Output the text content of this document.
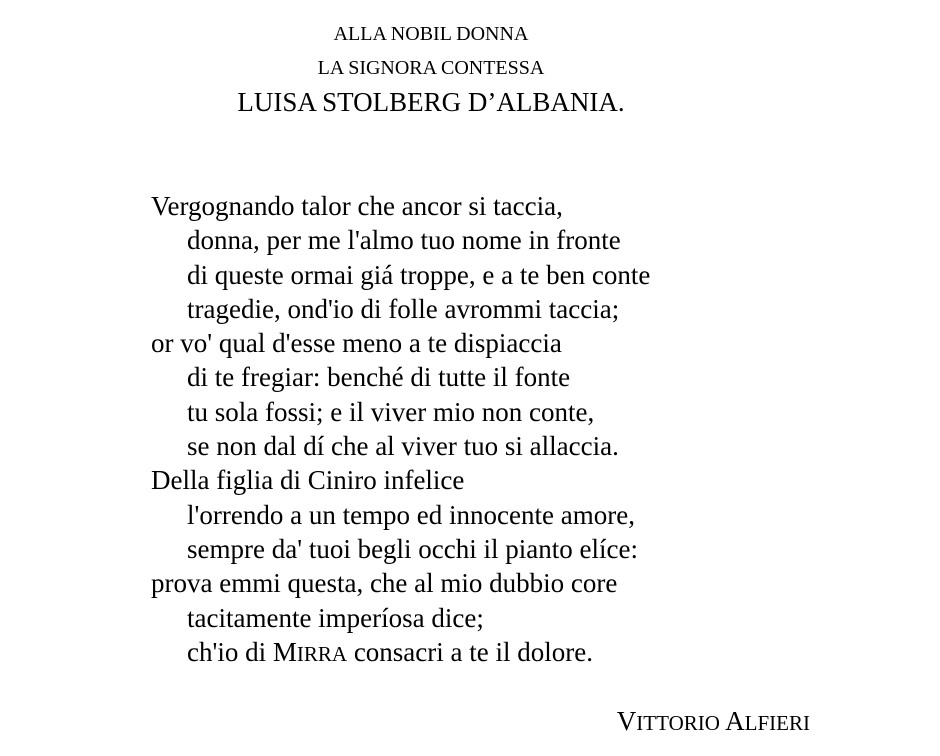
ALLA NOBIL DONNA
LA SIGNORA CONTESSA
LUISA STOLBERG D’ALBANIA.
Vergognando talor che ancor si taccia,
donna, per me l'almo tuo nome in fronte
di queste ormai giá troppe, e a te ben conte
tragedie, ond'io di folle avrommi taccia;
or vo' qual d'esse meno a te dispiaccia
di te fregiar: benché di tutte il fonte
tu sola fossi; e il viver mio non conte,
se non dal dí che al viver tuo si allaccia.
Della figlia di Ciniro infelice
l'orrendo a un tempo ed innocente amore,
sempre da' tuoi begli occhi il pianto elíce:
prova emmi questa, che al mio dubbio core
tacitamente imperíosa dice;
ch'io di MIRRA consacri a te il dolore.
VITTORIO ALFIERI
